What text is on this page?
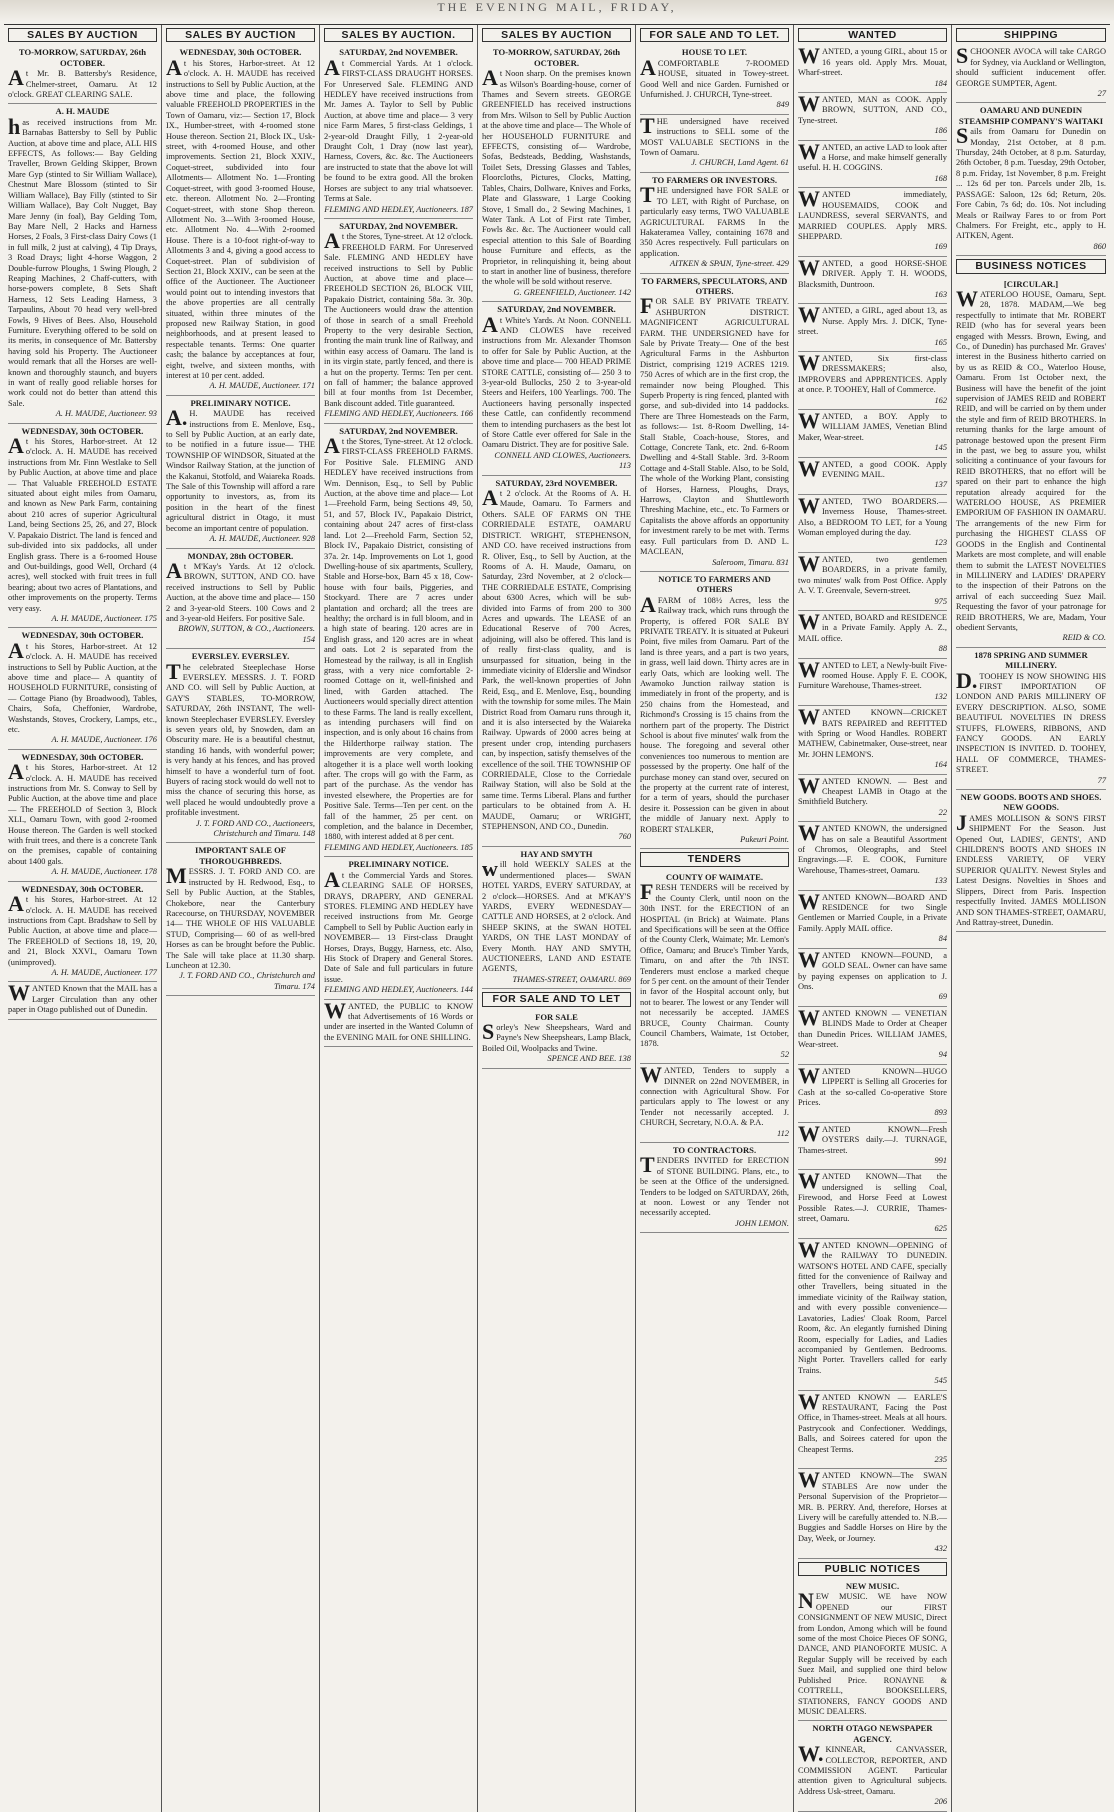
THE EVENING MAIL, FRIDAY,
SALES BY AUCTION
TO-MORROW, SATURDAY, 26th OCTOBER.
At Mr. B. Battersby's Residence, Chelmer-street, Oamaru. At 12 o'clock. GREAT CLEARING SALE.
A. H. MAUDE
has received instructions from Mr. Barnabas Battersby to Sell by Public Auction, at above time and place, ALL HIS EFFECTS, As follows:— Bay Gelding Traveller, Brown Gelding Skipper, Brown Mare Gyp (stinted to Sir William Wallace), Chestnut Mare Blossom (stinted to Sir William Wallace), Bay Filly (stinted to Sir William Wallace), Bay Colt Nugget, Bay Mare Jenny (in foal), Bay Gelding Tom, Bay Mare Nell, 2 Hacks and Harness Horses, 2 Foals, 3 First-class Dairy Cows (1 in full milk, 2 just at calving), 4 Tip Drays, 3 Road Drays; light 4-horse Waggon, 2 Double-furrow Ploughs, 1 Swing Plough, 2 Reaping Machines, 2 Chaff-cutters, with horse-powers complete, 8 Sets Shaft Harness, 12 Sets Leading Harness, 3 Tarpaulins, About 70 head very well-bred Fowls, 9 Hives of Bees. Also, Household Furniture. Everything offered to be sold on its merits, in consequence of Mr. Battersby having sold his Property. The Auctioneer would remark that all the Horses are well-known and thoroughly staunch, and buyers in want of really good reliable horses for work could not do better than attend this Sale.
A. H. MAUDE, Auctioneer. 93
WEDNESDAY, 30th OCTOBER.
At his Stores, Harbor-street. At 12 o'clock. A. H. MAUDE has received instructions from Mr. Finn Westlake to Sell by Public Auction, at above time and place— That Valuable FREEHOLD ESTATE situated about eight miles from Oamaru, and known as New Park Farm, containing about 210 acres of superior Agricultural Land, being Sections 25, 26, and 27, Block V. Papakaio District. The land is fenced and sub-divided into six paddocks, all under English grass. There is a 6-roomed House and Out-buildings, good Well, Orchard (4 acres), well stocked with fruit trees in full bearing; about two acres of Plantations, and other improvements on the property. Terms very easy.
A. H. MAUDE, Auctioneer. 175
WEDNESDAY, 30th OCTOBER.
At his Stores, Harbor-street. At 12 o'clock. A. H. MAUDE has received instructions to Sell by Public Auction, at the above time and place— A quantity of HOUSEHOLD FURNITURE, consisting of— Cottage Piano (by Broadwood), Tables, Chairs, Sofa, Cheffonier, Wardrobe, Washstands, Stoves, Crockery, Lamps, etc., etc.
A. H. MAUDE, Auctioneer. 176
WEDNESDAY, 30th OCTOBER.
At his Stores, Harbor-street. At 12 o'clock. A. H. MAUDE has received instructions from Mr. S. Conway to Sell by Public Auction, at the above time and place— The FREEHOLD of Section 3, Block XLI., Oamaru Town, with good 2-roomed House thereon. The Garden is well stocked with fruit trees, and there is a concrete Tank on the premises, capable of containing about 1400 gals.
A. H. MAUDE, Auctioneer. 178
WEDNESDAY, 30th OCTOBER.
At his Stores, Harbor-street. At 12 o'clock. A. H. MAUDE has received instructions from Capt. Bradshaw to Sell by Public Auction, at above time and place— The FREEHOLD of Sections 18, 19, 20, and 21, Block XXVI., Oamaru Town (unimproved).
A. H. MAUDE, Auctioneer. 177
WANTED Known that the MAIL has a Larger Circulation than any other paper in Otago published out of Dunedin.
SALES BY AUCTION
WEDNESDAY, 30th OCTOBER.
At his Stores, Harbor-street. At 12 o'clock. A. H. MAUDE has received instructions to Sell by Public Auction, at the above time and place, the following valuable FREEHOLD PROPERTIES in the Town of Oamaru, viz:— Section 17, Block IX., Humber-street, with 4-roomed stone House thereon. Section 21, Block IX., Usk-street, with 4-roomed House, and other improvements. Section 21, Block XXIV., Coquet-street, subdivided into four Allotments— Allotment No. 1—Fronting Coquet-street, with good 3-roomed House, etc. thereon. Allotment No. 2—Fronting Coquet-street, with stone Shop thereon. Allotment No. 3—With 3-roomed House, etc. Allotment No. 4—With 2-roomed House. There is a 10-foot right-of-way to Allotments 3 and 4, giving a good access to Coquet-street. Plan of subdivision of Section 21, Block XXIV., can be seen at the office of the Auctioneer. The Auctioneer would point out to intending investors that the above properties are all centrally situated, within three minutes of the proposed new Railway Station, in good neighborhoods, and at present leased to respectable tenants. Terms: One quarter cash; the balance by acceptances at four, eight, twelve, and sixteen months, with interest at 10 per cent. added.
A. H. MAUDE, Auctioneer. 171
PRELIMINARY NOTICE.
A.H. MAUDE has received instructions from E. Menlove, Esq., to Sell by Public Auction, at an early date, to be notified in a future issue— THE TOWNSHIP OF WINDSOR, Situated at the Windsor Railway Station, at the junction of the Kakanui, Stotfold, and Waiareka Roads. The Sale of this Township will afford a rare opportunity to investors, as, from its position in the heart of the finest agricultural district in Otago, it must become an important centre of population.
A. H. MAUDE, Auctioneer. 928
MONDAY, 28th OCTOBER.
At M'Kay's Yards. At 12 o'clock. BROWN, SUTTON, AND CO. have received instructions to Sell by Public Auction, at the above time and place— 150 2 and 3-year-old Steers. 100 Cows and 2 and 3-year-old Heifers. For positive Sale.
BROWN, SUTTON, & CO., Auctioneers. 154
EVERSLEY. EVERSLEY.
The celebrated Steeplechase Horse EVERSLEY. MESSRS. J. T. FORD AND CO. will Sell by Public Auction, at GAY'S STABLES, TO-MORROW, SATURDAY, 26th INSTANT, The well-known Steeplechaser EVERSLEY. Eversley is seven years old, by Snowden, dam an Obscurity mare. He is a beautiful chestnut, standing 16 hands, with wonderful power; is very handy at his fences, and has proved himself to have a wonderful turn of foot. Buyers of racing stock would do well not to miss the chance of securing this horse, as well placed he would undoubtedly prove a profitable investment.
J. T. FORD AND CO., Auctioneers, Christchurch and Timaru. 148
IMPORTANT SALE OF THOROUGHBREDS.
MESSRS. J. T. FORD AND CO. are instructed by H. Redwood, Esq., to Sell by Public Auction, at the Stables, Chokebore, near the Canterbury Racecourse, on THURSDAY, NOVEMBER 14— THE WHOLE OF HIS VALUABLE STUD, Comprising— 60 of as well-bred Horses as can be brought before the Public. The Sale will take place at 11.30 sharp. Luncheon at 12.30.
J. T. FORD AND CO., Christchurch and Timaru. 174
SALES BY AUCTION.
SATURDAY, 2nd NOVEMBER.
At Commercial Yards. At 1 o'clock. FIRST-CLASS DRAUGHT HORSES. For Unreserved Sale. FLEMING AND HEDLEY have received instructions from Mr. James A. Taylor to Sell by Public Auction, at above time and place— 3 very nice Farm Mares, 5 first-class Geldings, 1 2-year-old Draught Filly, 1 2-year-old Draught Colt, 1 Dray (now last year), Harness, Covers, &c. &c. The Auctioneers are instructed to state that the above lot will be found to be extra good. All the broken Horses are subject to any trial whatsoever. Terms at Sale.
FLEMING AND HEDLEY, Auctioneers. 187
SATURDAY, 2nd NOVEMBER.
At the Stores, Tyne-street. At 12 o'clock. FREEHOLD FARM. For Unreserved Sale. FLEMING AND HEDLEY have received instructions to Sell by Public Auction, at above time and place— FREEHOLD SECTION 26, BLOCK VIII, Papakaio District, containing 58a. 3r. 30p. The Auctioneers would draw the attention of those in search of a small Freehold Property to the very desirable Section, fronting the main trunk line of Railway, and within easy access of Oamaru. The land is in its virgin state, partly fenced, and there is a hut on the property. Terms: Ten per cent. on fall of hammer; the balance approved bill at four months from 1st December, Bank discount added. Title guaranteed.
FLEMING AND HEDLEY, Auctioneers. 166
SATURDAY, 2nd NOVEMBER.
At the Stores, Tyne-street. At 12 o'clock. FIRST-CLASS FREEHOLD FARMS. For Positive Sale. FLEMING AND HEDLEY have received instructions from Wm. Dennison, Esq., to Sell by Public Auction, at the above time and place— Lot 1—Freehold Farm, being Sections 49, 50, 51, and 57, Block IV., Papakaio District, containing about 247 acres of first-class land. Lot 2—Freehold Farm, Section 52, Block IV., Papakaio District, consisting of 37a. 2r. 14p. Improvements on Lot 1, good Dwelling-house of six apartments, Scullery, Stable and Horse-box, Barn 45 x 18, Cow-house with four bails, Piggeries, and Stockyard. There are 7 acres under plantation and orchard; all the trees are healthy; the orchard is in full bloom, and in a high state of bearing. 120 acres are in English grass, and 120 acres are in wheat and oats. Lot 2 is separated from the Homestead by the railway, is all in English grass, with a very nice comfortable 2-roomed Cottage on it, well-finished and lined, with Garden attached. The Auctioneers would specially direct attention to these Farms. The land is really excellent, as intending purchasers will find on inspection, and is only about 16 chains from the Hilderthorpe railway station. The improvements are very complete, and altogether it is a place well worth looking after. The crops will go with the Farm, as part of the purchase. As the vendor has invested elsewhere, the Properties are for Positive Sale. Terms—Ten per cent. on the fall of the hammer, 25 per cent. on completion, and the balance in December, 1880, with interest added at 8 per cent.
FLEMING AND HEDLEY, Auctioneers. 185
PRELIMINARY NOTICE.
At the Commercial Yards and Stores. CLEARING SALE OF HORSES, DRAYS, DRAPERY, AND GENERAL STORES. FLEMING AND HEDLEY have received instructions from Mr. George Campbell to Sell by Public Auction early in NOVEMBER— 13 First-class Draught Horses, Drays, Buggy, Harness, etc. Also, His Stock of Drapery and General Stores. Date of Sale and full particulars in future issue.
FLEMING AND HEDLEY, Auctioneers. 144
WANTED, the PUBLIC to KNOW that Advertisements of 16 Words or under are inserted in the Wanted Column of the EVENING MAIL for ONE SHILLING.
SALES BY AUCTION
TO-MORROW, SATURDAY, 26th OCTOBER.
At Noon sharp. On the premises known as Wilson's Boarding-house, corner of Thames and Severn streets. GEORGE GREENFIELD has received instructions from Mrs. Wilson to Sell by Public Auction at the above time and place— The Whole of her HOUSEHOLD FURNITURE and EFFECTS, consisting of— Wardrobe, Sofas, Bedsteads, Bedding, Washstands, Toilet Sets, Dressing Glasses and Tables, Floorcloths, Pictures, Clocks, Matting, Tables, Chairs, Dollware, Knives and Forks, Plate and Glassware, 1 Large Cooking Stove, 1 Small do., 2 Sewing Machines, 1 Water Tank. A Lot of First rate Timber, Fowls &c. &c. The Auctioneer would call especial attention to this Sale of Boarding house Furniture and effects, as the Proprietor, in relinquishing it, being about to start in another line of business, therefore the whole will be sold without reserve.
G. GREENFIELD, Auctioneer. 142
SATURDAY, 2nd NOVEMBER.
At White's Yards. At Noon. CONNELL AND CLOWES have received instructions from Mr. Alexander Thomson to offer for Sale by Public Auction, at the above time and place— 700 HEAD PRIME STORE CATTLE, consisting of— 250 3 to 3-year-old Bullocks, 250 2 to 3-year-old Steers and Heifers, 100 Yearlings. 700. The Auctioneers having personally inspected these Cattle, can confidently recommend them to intending purchasers as the best lot of Store Cattle ever offered for Sale in the Oamaru District. They are for positive Sale.
CONNELL AND CLOWES, Auctioneers. 113
SATURDAY, 23rd NOVEMBER.
At 2 o'clock. At the Rooms of A. H. Maude, Oamaru. To Farmers and Others. SALE OF FARMS ON THE CORRIEDALE ESTATE, OAMARU DISTRICT. WRIGHT, STEPHENSON, AND CO. have received instructions from R. Oliver, Esq., to Sell by Auction, at the Rooms of A. H. Maude, Oamaru, on Saturday, 23rd November, at 2 o'clock— THE CORRIEDALE ESTATE, Comprising about 6300 Acres, which will be sub-divided into Farms of from 200 to 300 Acres and upwards. The LEASE of an Educational Reserve of 700 Acres, adjoining, will also be offered. This land is of really first-class quality, and is unsurpassed for situation, being in the immediate vicinity of Elderslie and Windsor Park, the well-known properties of John Reid, Esq., and E. Menlove, Esq., bounding with the township for some miles. The Main District Road from Oamaru runs through it, and it is also intersected by the Waiareka Railway. Upwards of 2000 acres being at present under crop, intending purchasers can, by inspection, satisfy themselves of the excellence of the soil. THE TOWNSHIP OF CORRIEDALE, Close to the Corriedale Railway Station, will also be Sold at the same time. Terms Liberal. Plans and further particulars to be obtained from A. H. MAUDE, Oamaru; or WRIGHT, STEPHENSON, AND CO., Dunedin.
760
HAY AND SMYTH
will hold WEEKLY SALES at the undermentioned places— SWAN HOTEL YARDS, EVERY SATURDAY, at 2 o'clock—HORSES. And at M'KAY'S YARDS, EVERY WEDNESDAY—CATTLE AND HORSES, at 2 o'clock. And SHEEP SKINS, at the SWAN HOTEL YARDS, ON THE LAST MONDAY of Every Month. HAY AND SMYTH, AUCTIONEERS, LAND AND ESTATE AGENTS,
THAMES-STREET, OAMARU. 869
FOR SALE AND TO LET
FOR SALE
Sorley's New Sheepshears, Ward and Payne's New Sheepshears, Lamp Black, Boiled Oil, Woolpacks and Twine.
SPENCE AND BEE. 138
FOR SALE AND TO LET.
HOUSE TO LET.
ACOMFORTABLE 7-ROOMED HOUSE, situated in Towey-street. Good Well and nice Garden. Furnished or Unfurnished. J. CHURCH, Tyne-street.
849
THE undersigned have received instructions to SELL some of the MOST VALUABLE SECTIONS in the Town of Oamaru.
J. CHURCH, Land Agent. 61
TO FARMERS OR INVESTORS.
THE undersigned have FOR SALE or TO LET, with Right of Purchase, on particularly easy terms, TWO VALUABLE AGRICULTURAL FARMS In the Hakateramea Valley, containing 1678 and 350 Acres respectively. Full particulars on application.
AITKEN & SPAIN, Tyne-street. 429
TO FARMERS, SPECULATORS, AND OTHERS.
FOR SALE BY PRIVATE TREATY. ASHBURTON DISTRICT. MAGNIFICENT AGRICULTURAL FARM. THE UNDERSIGNED have for Sale by Private Treaty— One of the best Agricultural Farms in the Ashburton District, comprising 1219 ACRES 1219. 750 Acres of which are in the first crop, the remainder now being Ploughed. This Superb Property is ring fenced, planted with gorse, and sub-divided into 14 paddocks. There are Three Homesteads on the Farm, as follows:— 1st. 8-Room Dwelling, 14-Stall Stable, Coach-house, Stores, and Cottage, Concrete Tank, etc. 2nd. 6-Room Dwelling and 4-Stall Stable. 3rd. 3-Room Cottage and 4-Stall Stable. Also, to be Sold, The whole of the Working Plant, consisting of Horses, Harness, Ploughs, Drays, Harrows, Clayton and Shuttleworth Threshing Machine, etc., etc. To Farmers or Capitalists the above affords an opportunity for investment rarely to be met with. Terms easy. Full particulars from D. AND L. MACLEAN,
Saleroom, Timaru. 831
NOTICE TO FARMERS AND OTHERS
AFARM of 108½ Acres, less the Railway track, which runs through the Property, is offered FOR SALE BY PRIVATE TREATY. It is situated at Pukeuri Point, five miles from Oamaru. Part of the land is three years, and a part is two years, in grass, well laid down. Thirty acres are in early Oats, which are looking well. The Awamoko Junction railway station is immediately in front of the property, and is 250 chains from the Homestead, and Richmond's Crossing is 15 chains from the northern part of the property. The District School is about five minutes' walk from the house. The foregoing and several other conveniences too numerous to mention are possessed by the property. One half of the purchase money can stand over, secured on the property at the current rate of interest, for a term of years, should the purchaser desire it. Possession can be given in about the middle of January next. Apply to ROBERT STALKER,
Pukeuri Point.
TENDERS
COUNTY OF WAIMATE.
FRESH TENDERS will be received by the County Clerk, until noon on the 30th INST. for the ERECTION of an HOSPITAL (in Brick) at Waimate. Plans and Specifications will be seen at the Office of the County Clerk, Waimate; Mr. Lemon's Office, Oamaru; and Bruce's Timber Yards, Timaru, on and after the 7th INST. Tenderers must enclose a marked cheque for 5 per cent. on the amount of their Tender in favor of the Hospital account only, but not to bearer. The lowest or any Tender will not necessarily be accepted. JAMES BRUCE, County Chairman. County Council Chambers, Waimate, 1st October, 1878.
52
WANTED, Tenders to supply a DINNER on 22nd NOVEMBER, in connection with Agricultural Show. For particulars apply to The lowest or any Tender not necessarily accepted. J. CHURCH, Secretary, N.O.A. & P.A.
112
TO CONTRACTORS.
TENDERS INVITED for ERECTION of STONE BUILDING. Plans, etc., to be seen at the Office of the undersigned. Tenders to be lodged on SATURDAY, 26th, at noon. Lowest or any Tender not necessarily accepted.
JOHN LEMON.
WANTED
WANTED, a young GIRL, about 15 or 16 years old. Apply Mrs. Mouat, Wharf-street.
184
WANTED, MAN as COOK. Apply BROWN, SUTTON, AND CO., Tyne-street.
186
WANTED, an active LAD to look after a Horse, and make himself generally useful. H. H. COGGINS.
168
WANTED immediately, HOUSEMAIDS, COOK and LAUNDRESS, several SERVANTS, and MARRIED COUPLES. Apply MRS. SHEPPARD.
169
WANTED, a good HORSE-SHOE DRIVER. Apply T. H. WOODS, Blacksmith, Duntroon.
163
WANTED, a GIRL, aged about 13, as Nurse. Apply Mrs. J. DICK, Tyne-street.
165
WANTED, Six first-class DRESSMAKERS; also, IMPROVERS and APPRENTICES. Apply at once. P. TOOHEY, Hall of Commerce.
162
WANTED, a BOY. Apply to WILLIAM JAMES, Venetian Blind Maker, Wear-street.
145
WANTED, a good COOK. Apply EVENING MAIL.
137
WANTED, TWO BOARDERS.—Inverness House, Thames-street. Also, a BEDROOM TO LET, for a Young Woman employed during the day.
123
WANTED, two gentlemen BOARDERS, in a private family, two minutes' walk from Post Office. Apply A. V. T. Greenvale, Severn-street.
975
WANTED, BOARD and RESIDENCE in a Private Family. Apply A. Z., MAIL office.
88
WANTED to LET, a Newly-built Five-roomed House. Apply F. E. COOK, Furniture Warehouse, Thames-street.
132
WANTED KNOWN—CRICKET BATS REPAIRED and REFITTED with Spring or Wood Handles. ROBERT MATHEW, Cabinetmaker, Ouse-street, near Mr. JOHN LEMON'S.
164
WANTED KNOWN. — Best and Cheapest LAMB in Otago at the Smithfield Butchery.
22
WANTED KNOWN, the undersigned has on sale a Beautiful Assortment of Chromos, Oleographs, and Steel Engravings.—F. E. COOK, Furniture Warehouse, Thames-street, Oamaru.
133
WANTED KNOWN—BOARD AND RESIDENCE for two Single Gentlemen or Married Couple, in a Private Family. Apply MAIL office.
84
WANTED KNOWN—FOUND, a GOLD SEAL. Owner can have same by paying expenses on application to J. Ons.
69
WANTED KNOWN — VENETIAN BLINDS Made to Order at Cheaper than Dunedin Prices. WILLIAM JAMES, Wear-street.
94
WANTED KNOWN—HUGO LIPPERT is Selling all Groceries for Cash at the so-called Co-operative Store Prices.
893
WANTED KNOWN—Fresh OYSTERS daily.—J. TURNAGE, Thames-street.
991
WANTED KNOWN—That the undersigned is selling Coal, Firewood, and Horse Feed at Lowest Possible Rates.—J. CURRIE, Thames-street, Oamaru.
625
WANTED KNOWN—OPENING of the RAILWAY TO DUNEDIN. WATSON'S HOTEL AND CAFE, specially fitted for the convenience of Railway and other Travellers, being situated in the immediate vicinity of the Railway station, and with every possible convenience—Lavatories, Ladies' Cloak Room, Parcel Room, &c. An elegantly furnished Dining Room, especially for Ladies, and Ladies accompanied by Gentlemen. Bedrooms. Night Porter. Travellers called for early Trains.
545
WANTED KNOWN — EARLE'S RESTAURANT, Facing the Post Office, in Thames-street. Meals at all hours. Pastrycook and Confectioner. Weddings, Balls, and Soirees catered for upon the Cheapest Terms.
235
WANTED KNOWN—The SWAN STABLES Are now under the Personal Supervision of the Proprietor—MR. B. PERRY. And, therefore, Horses at Livery will be carefully attended to. N.B.—Buggies and Saddle Horses on Hire by the Day, Week, or Journey.
432
PUBLIC NOTICES
NEW MUSIC.
NEW MUSIC. WE have NOW OPENED our FIRST CONSIGNMENT OF NEW MUSIC, Direct from London, Among which will be found some of the most Choice Pieces OF SONG, DANCE, AND PIANOFORTE MUSIC. A Regular Supply will be received by each Suez Mail, and supplied one third below Published Price. RONAYNE & COTTRELL, BOOKSELLERS, STATIONERS, FANCY GOODS AND MUSIC DEALERS.
NORTH OTAGO NEWSPAPER AGENCY.
W.KINNEAR, CANVASSER, COLLECTOR, REPORTER, AND COMMISSION AGENT. Particular attention given to Agricultural subjects. Address Usk-street, Oamaru.
206
SHIPPING
SCHOONER AVOCA will take CARGO for Sydney, via Auckland or Wellington, should sufficient inducement offer. GEORGE SUMPTER, Agent.
27
OAMARU AND DUNEDIN STEAMSHIP COMPANY'S WAITAKI
Sails from Oamaru for Dunedin on Monday, 21st October, at 8 p.m. Thursday, 24th October, at 8 p.m. Saturday, 26th October, 8 p.m. Tuesday, 29th October, 8 p.m. Friday, 1st November, 8 p.m. Freight ... 12s 6d per ton. Parcels under 2lb, 1s. PASSAGE: Saloon, 12s 6d; Return, 20s. Fore Cabin, 7s 6d; do. 10s. Not including Meals or Railway Fares to or from Port Chalmers. For Freight, etc., apply to H. AITKEN, Agent.
860
BUSINESS NOTICES
[CIRCULAR.]
WATERLOO HOUSE, Oamaru, Sept. 28, 1878. MADAM,—We beg respectfully to intimate that Mr. ROBERT REID (who has for several years been engaged with Messrs. Brown, Ewing, and Co., of Dunedin) has purchased Mr. Graves' interest in the Business hitherto carried on by us as REID & CO., Waterloo House, Oamaru. From 1st October next, the Business will have the benefit of the joint supervision of JAMES REID and ROBERT REID, and will be carried on by them under the style and firm of REID BROTHERS. In returning thanks for the large amount of patronage bestowed upon the present Firm in the past, we beg to assure you, whilst soliciting a continuance of your favours for REID BROTHERS, that no effort will be spared on their part to enhance the high reputation already acquired for the WATERLOO HOUSE, AS PREMIER EMPORIUM OF FASHION IN OAMARU. The arrangements of the new Firm for purchasing the HIGHEST CLASS OF GOODS in the English and Continental Markets are most complete, and will enable them to submit the LATEST NOVELTIES in MILLINERY and LADIES' DRAPERY to the inspection of their Patrons on the arrival of each succeeding Suez Mail. Requesting the favor of your patronage for REID BROTHERS, We are, Madam, Your obedient Servants,
REID & CO.
1878 SPRING AND SUMMER MILLINERY.
D.TOOHEY IS NOW SHOWING HIS FIRST IMPORTATION OF LONDON AND PARIS MILLINERY OF EVERY DESCRIPTION. ALSO, SOME BEAUTIFUL NOVELTIES IN DRESS STUFFS, FLOWERS, RIBBONS, AND FANCY GOODS. AN EARLY INSPECTION IS INVITED. D. TOOHEY, HALL OF COMMERCE, THAMES-STREET.
77
NEW GOODS. BOOTS AND SHOES. NEW GOODS.
JAMES MOLLISON & SON'S FIRST SHIPMENT For the Season. Just Opened Out, LADIES', GENTS', AND CHILDREN'S BOOTS AND SHOES IN ENDLESS VARIETY, OF VERY SUPERIOR QUALITY. Newest Styles and Latest Designs. Novelties in Shoes and Slippers, Direct from Paris. Inspection respectfully Invited. JAMES MOLLISON AND SON THAMES-STREET, OAMARU, And Rattray-street, Dunedin.
